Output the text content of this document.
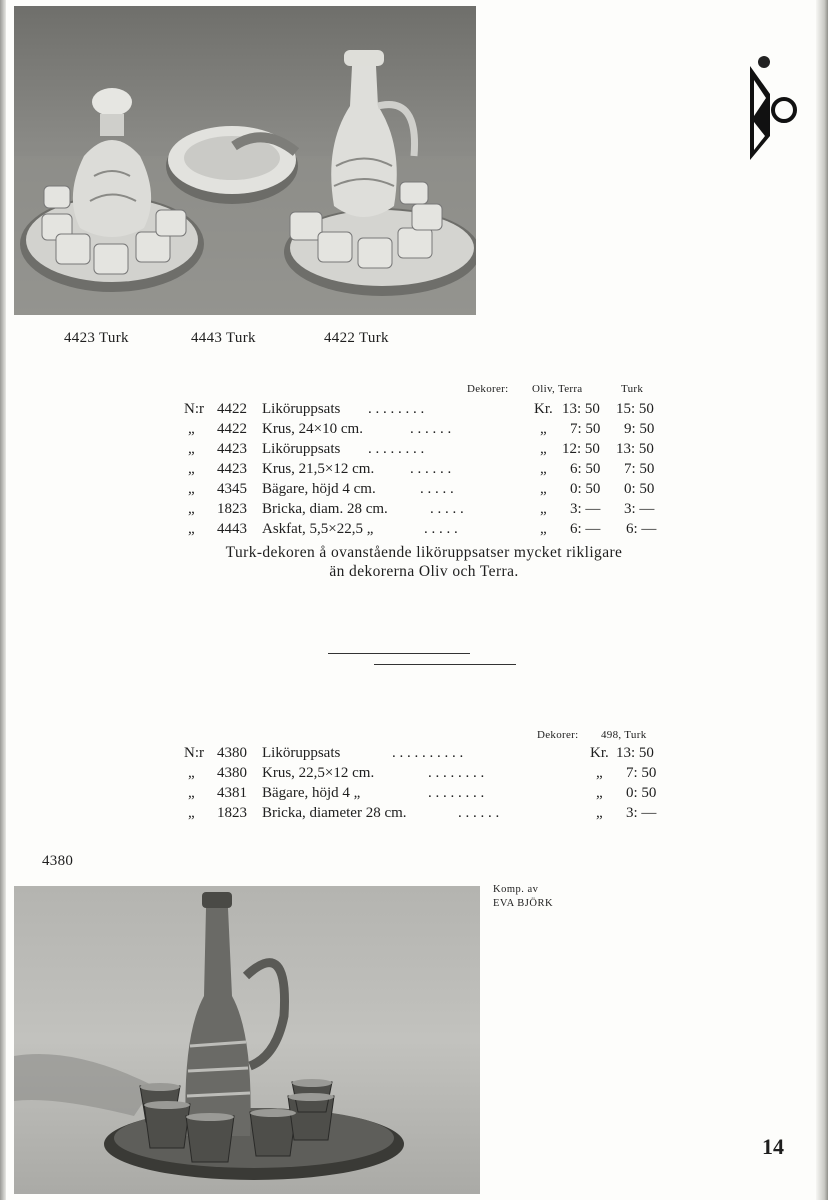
4423 Turk	4443 Turk	4422 Turk
Dekorer: Oliv, Terra	Turk
N:r 4422 Liköruppsats . . . . . . . .	Kr. 13: 50 15: 50
„ 4422 Krus, 24×10 cm.	. . . . . .	„ 7: 50 9: 50
„ 4423 Liköruppsats . . . . . . . .	„ 12: 50 13: 50
„ 4423 Krus, 21,5×12 cm. . . . . . .	„ 6: 50 7: 50
„ 4345 Bägare, höjd 4 cm.	. . . . .	„ 0: 50 0: 50
„ 1823 Bricka, diam. 28 cm.	. . . . .	„ 3: — 3: —
„ 4443 Askfat, 5,5×22,5 „	. . . . .	„ 6: — 6: —
Turk-dekoren å ovanstående liköruppsatser mycket rikligare
än dekorerna Oliv och Terra.
Dekorer: 498, Turk
N:r 4380 Liköruppsats	. . . . . . . . . .	Kr. 13: 50
„ 4380 Krus, 22,5×12 cm.	. . . . . . . .	„ 7: 50
„ 4381 Bägare, höjd 4 „	. . . . . . . .	„ 0: 50
„ 1823 Bricka, diameter 28 cm.	. . . . . .	„ 3: —
4380
Komp. av
EVA BJÖRK
14
